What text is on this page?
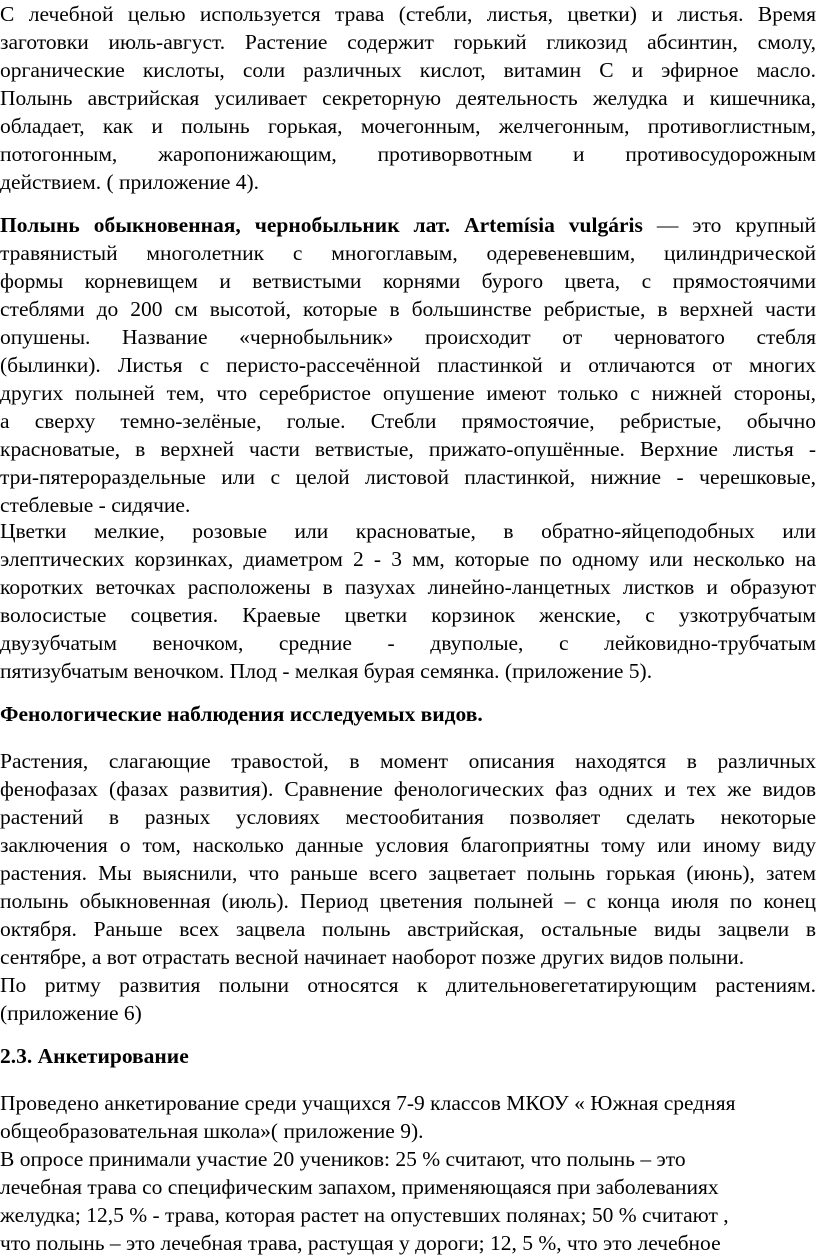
С лечебной целью используется трава (стебли, листья, цветки) и листья. Время
заготовки июль-август. Растение содержит горький гликозид абсинтин, смолу,
органические кислоты, соли различных кислот, витамин С и эфирное масло.
Полынь австрийская усиливает секреторную деятельность желудка и кишечника,
обладает, как и полынь горькая, мочегонным, желчегонным, противоглистным,
потогонным, жаропонижающим, противорвотным и противосудорожным
действием. ( приложение 4).
Полынь обыкновенная, чернобыльник лат. Artemísia vulgáris — это крупный
травянистый многолетник с многоглавым, одеревеневшим, цилиндрической
формы корневищем и ветвистыми корнями бурого цвета, с прямостоячими
стеблями до 200 см высотой, которые в большинстве ребристые, в верхней части
опушены. Название «чернобыльник» происходит от черноватого стебля
(былинки). Листья с перисто-рассечённой пластинкой и отличаются от многих
других полыней тем, что серебристое опушение имеют только с нижней стороны,
а сверху темно-зелёные, голые. Стебли прямостоячие, ребристые, обычно
красноватые, в верхней части ветвистые, прижато-опушённые. Верхние листья -
три-пятерораздельные или с целой листовой пластинкой, нижние - черешковые,
стеблевые - сидячие.
Цветки мелкие, розовые или красноватые, в обратно-яйцеподобных или
элептических корзинках, диаметром 2 - 3 мм, которые по одному или несколько на
коротких веточках расположены в пазухах линейно-ланцетных листков и образуют
волосистые соцветия. Краевые цветки корзинок женские, с узкотрубчатым
двузубчатым веночком, средние - двуполые, с лейковидно-трубчатым
пятизубчатым веночком. Плод - мелкая бурая семянка. (приложение 5).
Фенологические наблюдения исследуемых видов.
Растения, слагающие травостой, в момент описания находятся в различных
фенофазах (фазах развития). Сравнение фенологических фаз одних и тех же видов
растений в разных условиях местообитания позволяет сделать некоторые
заключения о том, насколько данные условия благоприятны тому или иному виду
растения. Мы выяснили, что раньше всего зацветает полынь горькая (июнь), затем
полынь обыкновенная (июль). Период цветения полыней – с конца июля по конец
октября. Раньше всех зацвела полынь австрийская, остальные виды зацвели в
сентябре, а вот отрастать весной начинает наоборот позже других видов полыни.
По ритму развития полыни относятся к длительновегетатирующим растениям.
(приложение 6)
2.3. Анкетирование
Проведено анкетирование среди учащихся 7-9 классов МКОУ « Южная средняя
общеобразовательная школа»( приложение 9).
В опросе принимали участие 20 учеников: 25 % считают, что полынь – это
лечебная трава со специфическим запахом, применяющаяся при заболеваниях
желудка; 12,5 % - трава, которая растет на опустевших полянах; 50 % считают ,
что полынь – это лечебная трава, растущая у дороги; 12, 5 %, что это лечебное
